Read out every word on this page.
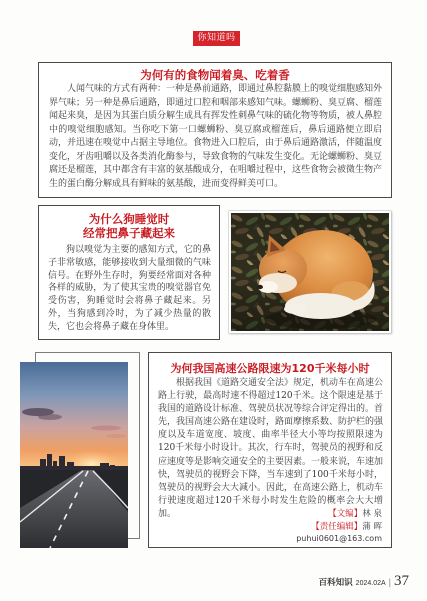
你知道吗
为何有的食物闻着臭、吃着香

人闻气味的方式有两种：一种是鼻前通路，即通过鼻腔黏膜上的嗅觉细胞感知外界气味；另一种是鼻后通路，即通过口腔和咽部来感知气味。螺蛳粉、臭豆腐、榴莲闻起来臭，是因为其蛋白质分解生成具有挥发性刺鼻气味的硫化物等物质，被人鼻腔中的嗅觉细胞感知。当你吃下第一口螺蛳粉、臭豆腐或榴莲后，鼻后通路便立即启动，并迅速在嗅觉中占据主导地位。食物进入口腔后，由于鼻后通路激活，伴随温度变化，牙齿咀嚼以及各类消化酶参与，导致食物的气味发生变化。无论螺蛳粉、臭豆腐还是榴莲，其中都含有丰富的氨基酸成分，在咀嚼过程中，这些食物会被微生物产生的蛋白酶分解成具有鲜味的氨基酸，进而变得鲜美可口。

为什么狗睡觉时
经常把鼻子藏起来

狗以嗅觉为主要的感知方式，它的鼻子非常敏感，能够接收到大量细微的气味信号。在野外生存时，狗要经常面对各种各样的威胁，为了使其宝贵的嗅觉器官免受伤害，狗睡觉时会将鼻子藏起来。另外，当狗感到冷时，为了减少热量的散失，它也会将鼻子藏在身体里。

为何我国高速公路限速为120千米每小时

根据我国《道路交通安全法》规定，机动车在高速公路上行驶，最高时速不得超过120千米。这个限速是基于我国的道路设计标准、驾驶员状况等综合评定得出的。首先，我国高速公路在建设时，路面摩擦系数、防护栏的强度以及车道宽度、坡度、曲率半径大小等均按照限速为120千米每小时设计。其次，行车时，驾驶员的视野和反应速度等是影响交通安全的主要因素。一般来说，车速加快，驾驶员的视野会下降，当车速到了100千米每小时，驾驶员的视野会大大减小。因此，在高速公路上，机动车行驶速度超过120千米每小时发生危险的概率会大大增加。	【文编】林 泉
【责任编辑】蒲 晖
puhui0601@163.com
百科知识 2024.02A | 37
